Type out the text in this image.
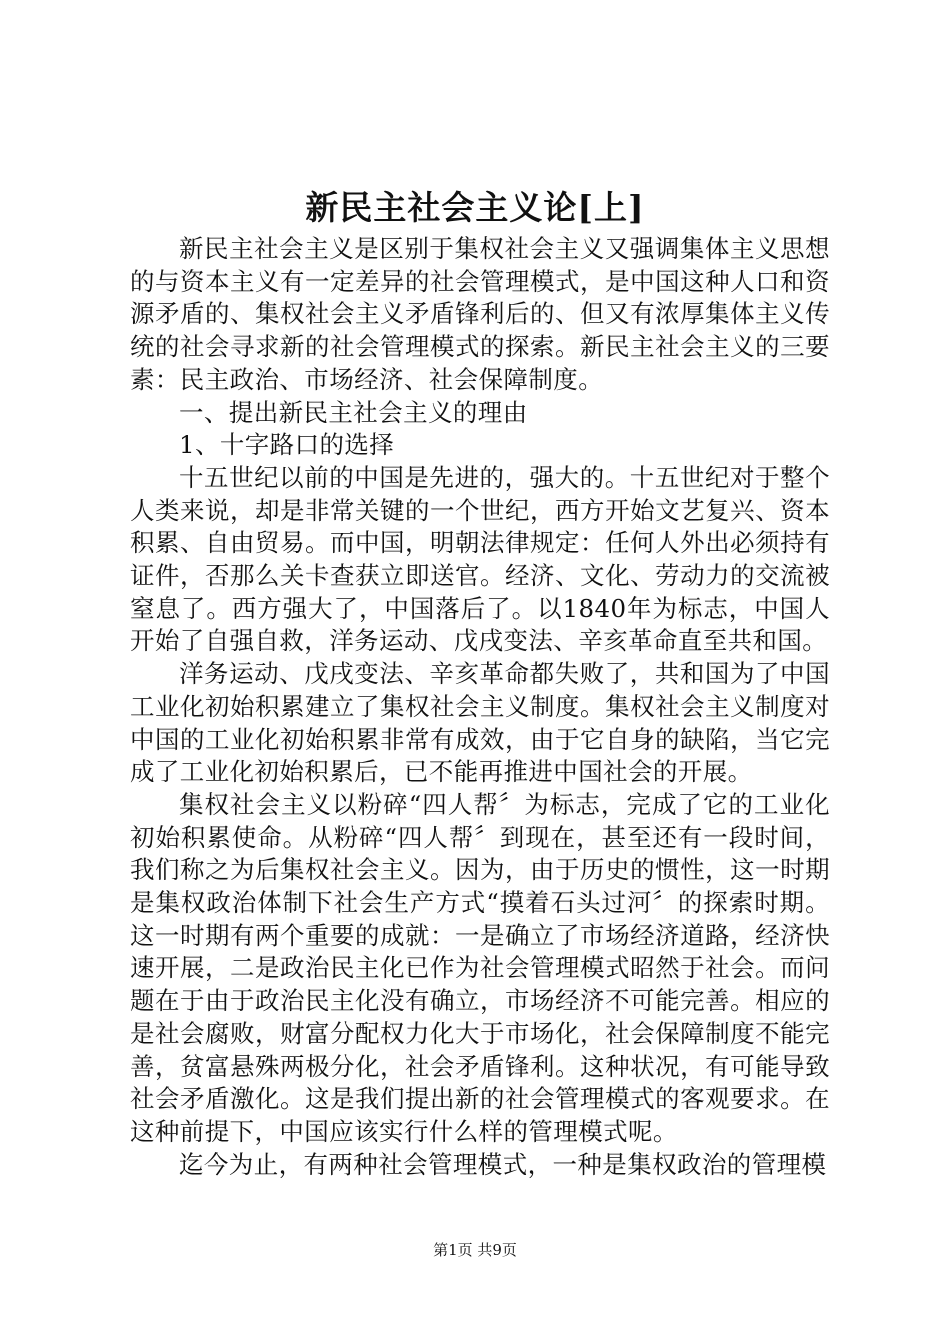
新民主社会主义论[上]

新民主社会主义是区别于集权社会主义又强调集体主义思想的与资本主义有一定差异的社会管理模式，是中国这种人口和资源矛盾的、集权社会主义矛盾锋利后的、但又有浓厚集体主义传统的社会寻求新的社会管理模式的探索。新民主社会主义的三要素：民主政治、市场经济、社会保障制度。

一、提出新民主社会主义的理由

1、十字路口的选择

十五世纪以前的中国是先进的，强大的。十五世纪对于整个人类来说，却是非常关键的一个世纪，西方开始文艺复兴、资本积累、自由贸易。而中国，明朝法律规定：任何人外出必须持有证件，否那么关卡查获立即送官。经济、文化、劳动力的交流被窒息了。西方强大了，中国落后了。以1840年为标志，中国人开始了自强自救，洋务运动、戊戌变法、辛亥革命直至共和国。

洋务运动、戊戌变法、辛亥革命都失败了，共和国为了中国工业化初始积累建立了集权社会主义制度。集权社会主义制度对中国的工业化初始积累非常有成效，由于它自身的缺陷，当它完成了工业化初始积累后，已不能再推进中国社会的开展。

集权社会主义以粉碎“四人帮〞为标志，完成了它的工业化初始积累使命。从粉碎“四人帮〞到现在，甚至还有一段时间，我们称之为后集权社会主义。因为，由于历史的惯性，这一时期是集权政治体制下社会生产方式“摸着石头过河〞的探索时期。这一时期有两个重要的成就：一是确立了市场经济道路，经济快速开展，二是政治民主化已作为社会管理模式昭然于社会。而问题在于由于政治民主化没有确立，市场经济不可能完善。相应的是社会腐败，财富分配权力化大于市场化，社会保障制度不能完善，贫富悬殊两极分化，社会矛盾锋利。这种状况，有可能导致社会矛盾激化。这是我们提出新的社会管理模式的客观要求。在这种前提下，中国应该实行什么样的管理模式呢。

迄今为止，有两种社会管理模式，一种是集权政治的管理模

第1页 共9页
